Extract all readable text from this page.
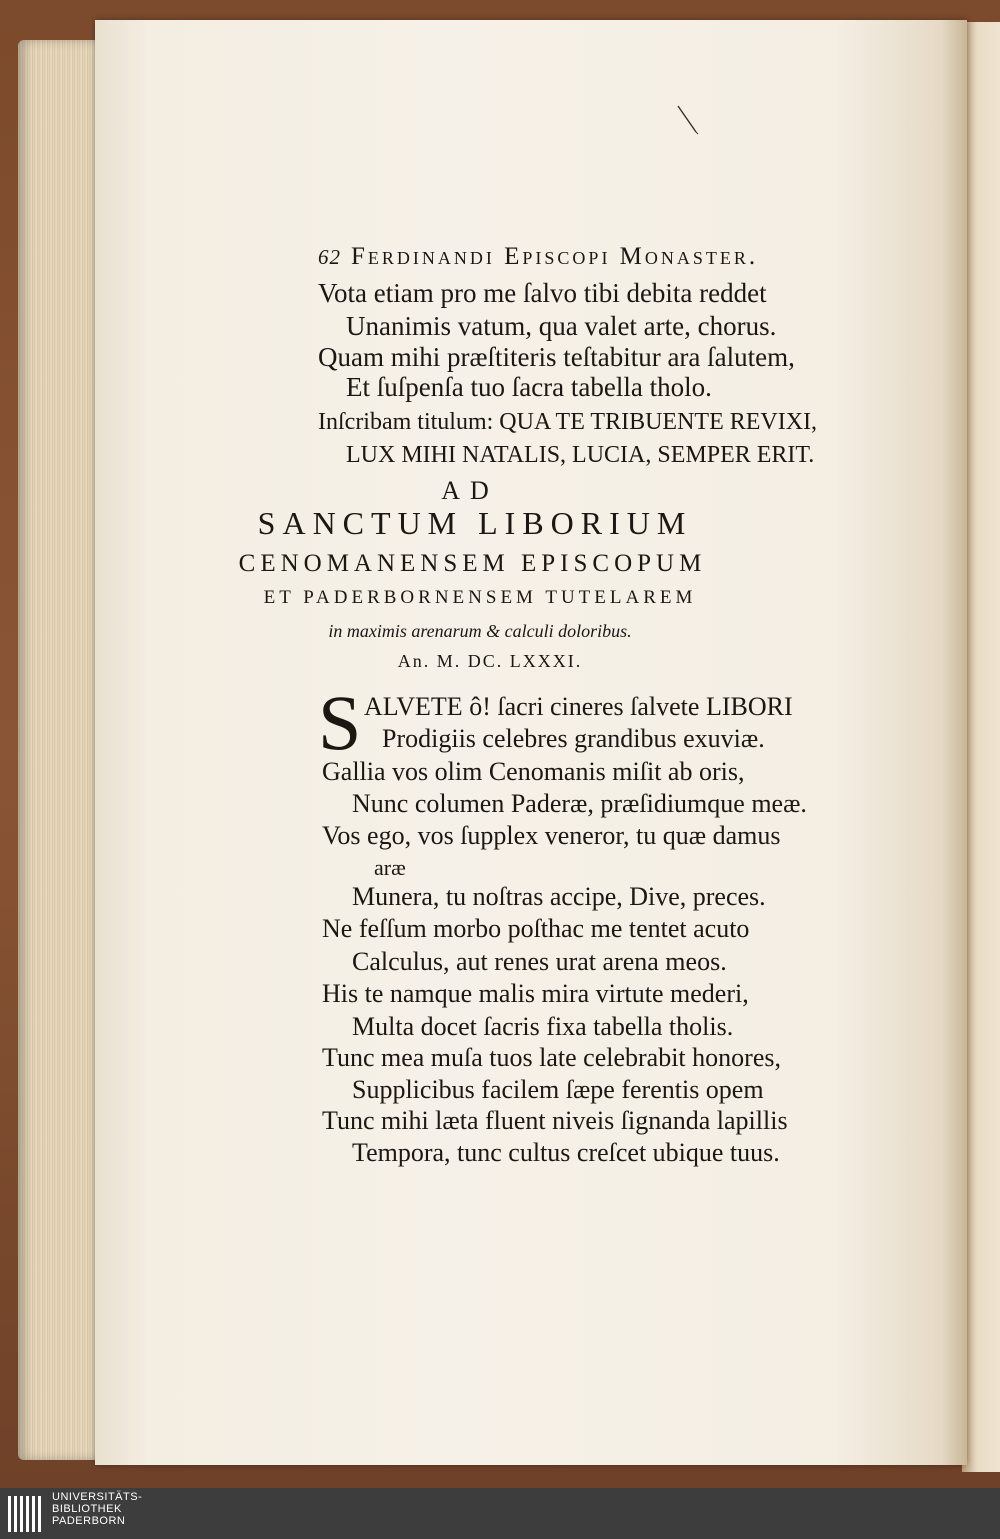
62 Ferdinandi Episcopi Monaster.
Vota etiam pro me ſalvo tibi debita reddet
Unanimis vatum, qua valet arte, chorus.
Quam mihi præſtiteris teſtabitur ara ſalutem,
Et ſuſpenſa tuo ſacra tabella tholo.
Inſcribam titulum: QUA TE TRIBUENTE REVIXI,
LUX MIHI NATALIS, LUCIA, SEMPER ERIT.
AD
SANCTUM LIBORIUM
CENOMANENSEM EPISCOPUM
ET PADERBORNENSEM TUTELAREM
in maximis arenarum & calculi doloribus.
An. M. DC. LXXXI.
S ALVETE ô! ſacri cineres ſalvete LIBORI
Prodigiis celebres grandibus exuviæ.
Gallia vos olim Cenomanis miſit ab oris,
Nunc columen Paderæ, præſidiumque meæ.
Vos ego, vos ſupplex veneror, tu quæ damus
aræ
Munera, tu noſtras accipe, Dive, preces.
Ne feſſum morbo poſthac me tentet acuto
Calculus, aut renes urat arena meos.
His te namque malis mira virtute mederi,
Multa docet ſacris fixa tabella tholis.
Tunc mea muſa tuos late celebrabit honores,
Supplicibus facilem ſæpe ferentis opem
Tunc mihi læta fluent niveis ſignanda lapillis
Tempora, tunc cultus creſcet ubique tuus.
UNIVERSITÄTS-
BIBLIOTHEK
PADERBORN
